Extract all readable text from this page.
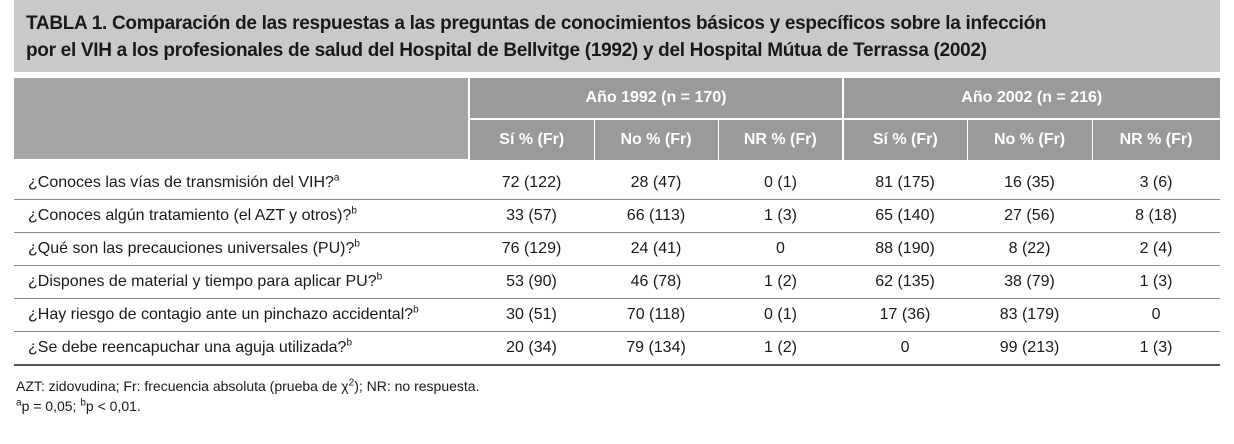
TABLA 1. Comparación de las respuestas a las preguntas de conocimientos básicos y específicos sobre la infección
por el VIH a los profesionales de salud del Hospital de Bellvitge (1992) y del Hospital Mútua de Terrassa (2002)
	Año 1992 (n = 170)			Año 2002 (n = 216)		
	Sí % (Fr)	No % (Fr)	NR % (Fr)	Sí % (Fr)	No % (Fr)	NR % (Fr)
¿Conoces las vías de transmisión del VIH?$^a$	72 (122)	28 (47)	0 (1)	81 (175)	16 (35)	3 (6)
¿Conoces algún tratamiento (el AZT y otros)?$^b$	33 (57)	66 (113)	1 (3)	65 (140)	27 (56)	8 (18)
¿Qué son las precauciones universales (PU)?$^b$	76 (129)	24 (41)	0	88 (190)	8 (22)	2 (4)
¿Dispones de material y tiempo para aplicar PU?$^b$	53 (90)	46 (78)	1 (2)	62 (135)	38 (79)	1 (3)
¿Hay riesgo de contagio ante un pinchazo accidental?$^b$	30 (51)	70 (118)	0 (1)	17 (36)	83 (179)	0
¿Se debe reencapuchar una aguja utilizada?$^b$	20 (34)	79 (134)	1 (2)	0	99 (213)	1 (3)
AZT: zidovudina; Fr: frecuencia absoluta (prueba de $\chi^2$); NR: no respuesta.
$^a$p = 0,05; $^b$p < 0,01.
